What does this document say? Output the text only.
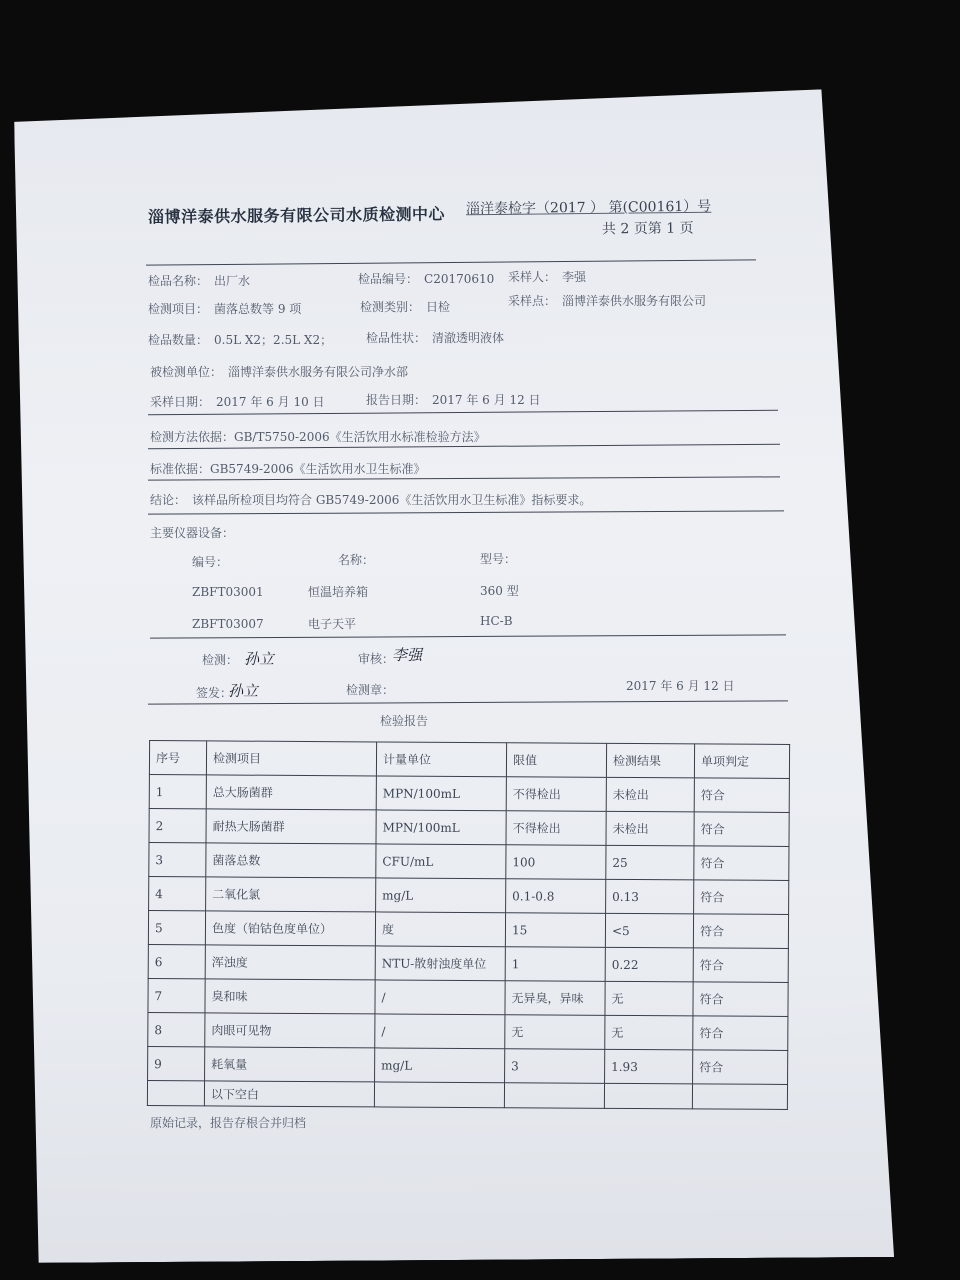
淄博洋泰供水服务有限公司水质检测中心 淄洋泰检字（2017 ） 第(C00161）号
共 2 页第 1 页
检品名称： 出厂水	检品编号： C20170610 采样人： 李强
检测项目： 菌落总数等 9 项	检测类别： 日检	采样点： 淄博洋泰供水服务有限公司
检品数量： 0.5L X2；2.5L X2；	检品性状： 清澈透明液体
被检测单位： 淄博洋泰供水服务有限公司净水部
采样日期： 2017 年 6 月 10 日	报告日期： 2017 年 6 月 12 日
检测方法依据：GB/T5750-2006《生活饮用水标准检验方法》
标准依据：GB5749-2006《生活饮用水卫生标准》
结论： 该样品所检项目均符合 GB5749-2006《生活饮用水卫生标准》指标要求。
主要仪器设备：
编号：	名称：	型号：
ZBFT03001	恒温培养箱	360 型
ZBFT03007	电子天平	HC-B
检测： 孙立	审核：
李强
签发：
孙立	检测章：	2017 年 6 月 12 日
检验报告
序号	检测项目	计量单位	限值	检测结果	单项判定
1	总大肠菌群	MPN/100mL	不得检出	未检出	符合
2	耐热大肠菌群	MPN/100mL	不得检出	未检出	符合
3	菌落总数	CFU/mL	100	25	符合
4	二氧化氯	mg/L	0.1-0.8	0.13	符合
5	色度（铂钴色度单位）	度	15	<5	符合
6	浑浊度	NTU-散射浊度单位	1	0.22	符合
7	臭和味	/	无异臭，异味	无	符合
8	肉眼可见物	/	无	无	符合
9	耗氧量	mg/L	3	1.93	符合
	以下空白				
原始记录，报告存根合并归档
